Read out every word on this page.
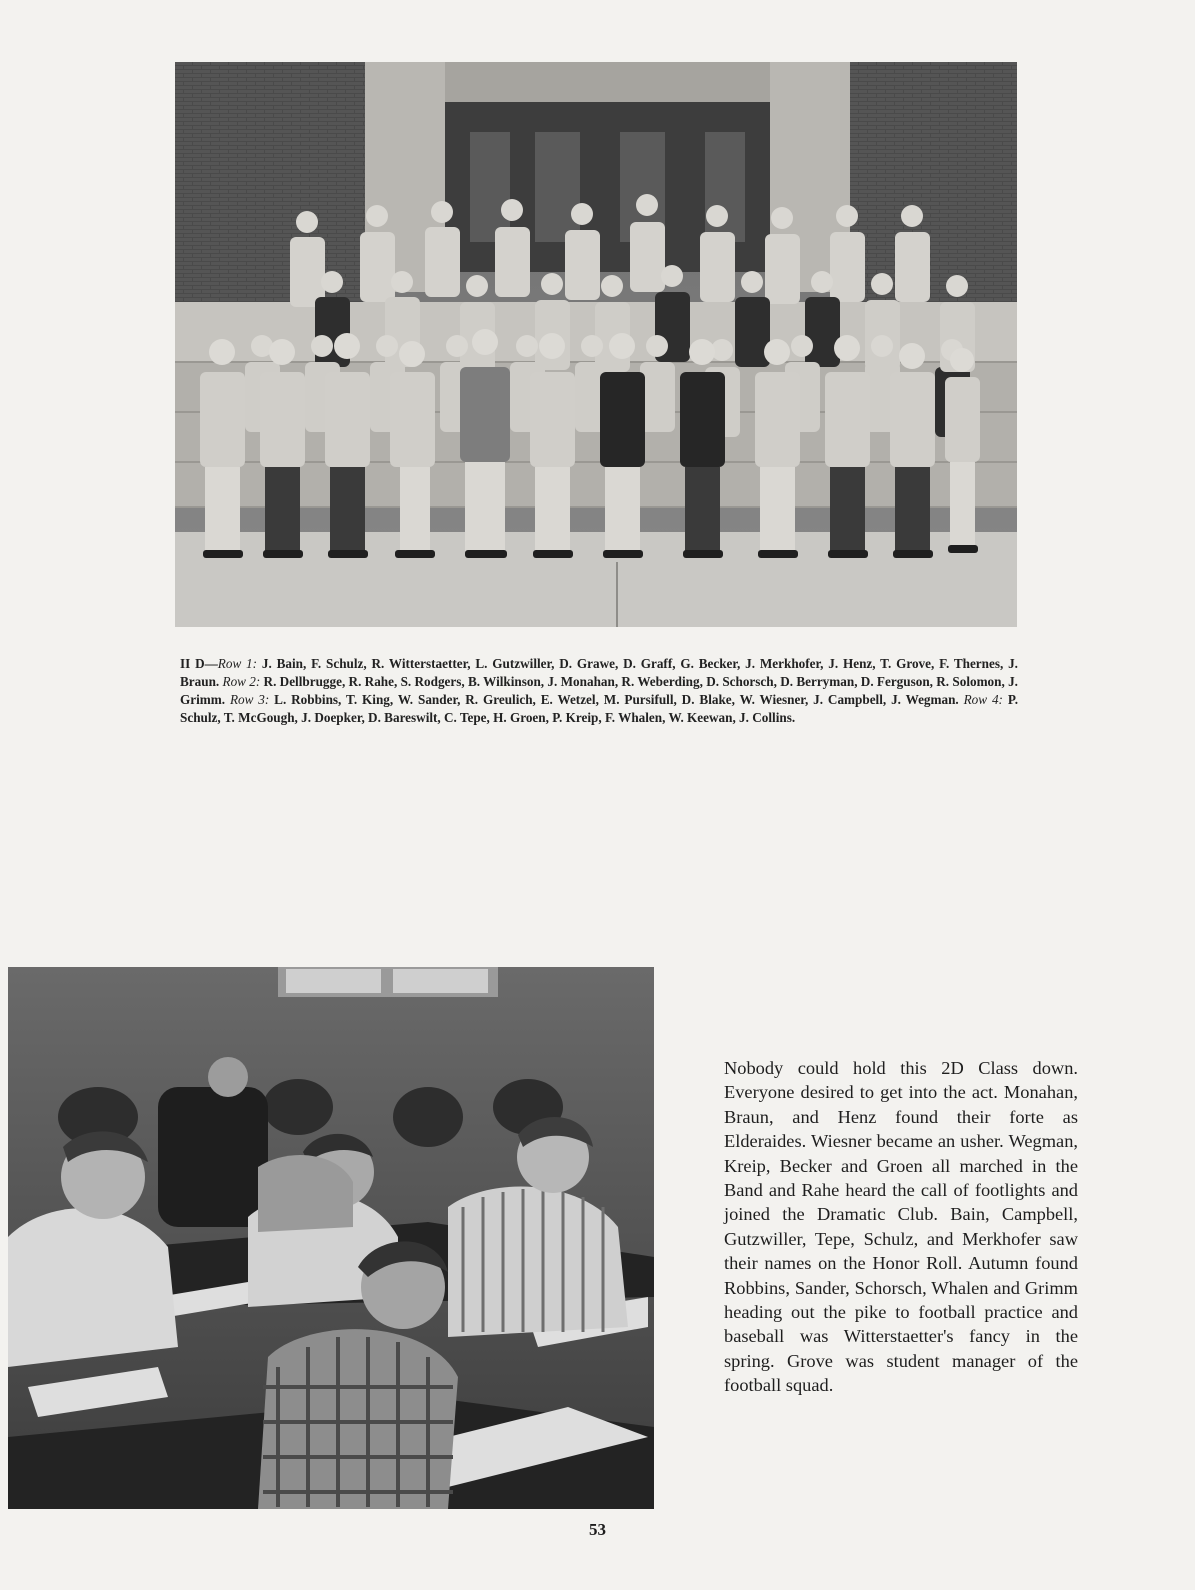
II D—Row 1: J. Bain, F. Schulz, R. Witterstaetter, L. Gutzwiller, D. Grawe, D. Graff, G. Becker, J. Merkhofer, J. Henz, T. Grove, F. Thernes, J. Braun. Row 2: R. Dellbrugge, R. Rahe, S. Rodgers, B. Wilkinson, J. Monahan, R. Weberding, D. Schorsch, D. Berryman, D. Ferguson, R. Solomon, J. Grimm. Row 3: L. Robbins, T. King, W. Sander, R. Greulich, E. Wetzel, M. Pursifull, D. Blake, W. Wiesner, J. Campbell, J. Wegman. Row 4: P. Schulz, T. McGough, J. Doepker, D. Bareswilt, C. Tepe, H. Groen, P. Kreip, F. Whalen, W. Keewan, J. Collins.
Nobody could hold this 2D Class down. Everyone desired to get into the act. Monahan, Braun, and Henz found their forte as Elderaides. Wiesner became an usher. Wegman, Kreip, Becker and Groen all marched in the Band and Rahe heard the call of footlights and joined the Dramatic Club. Bain, Campbell, Gutzwiller, Tepe, Schulz, and Merkhofer saw their names on the Honor Roll. Autumn found Robbins, Sander, Schorsch, Whalen and Grimm heading out the pike to football practice and baseball was Witterstaetter's fancy in the spring. Grove was student manager of the football squad.
53
